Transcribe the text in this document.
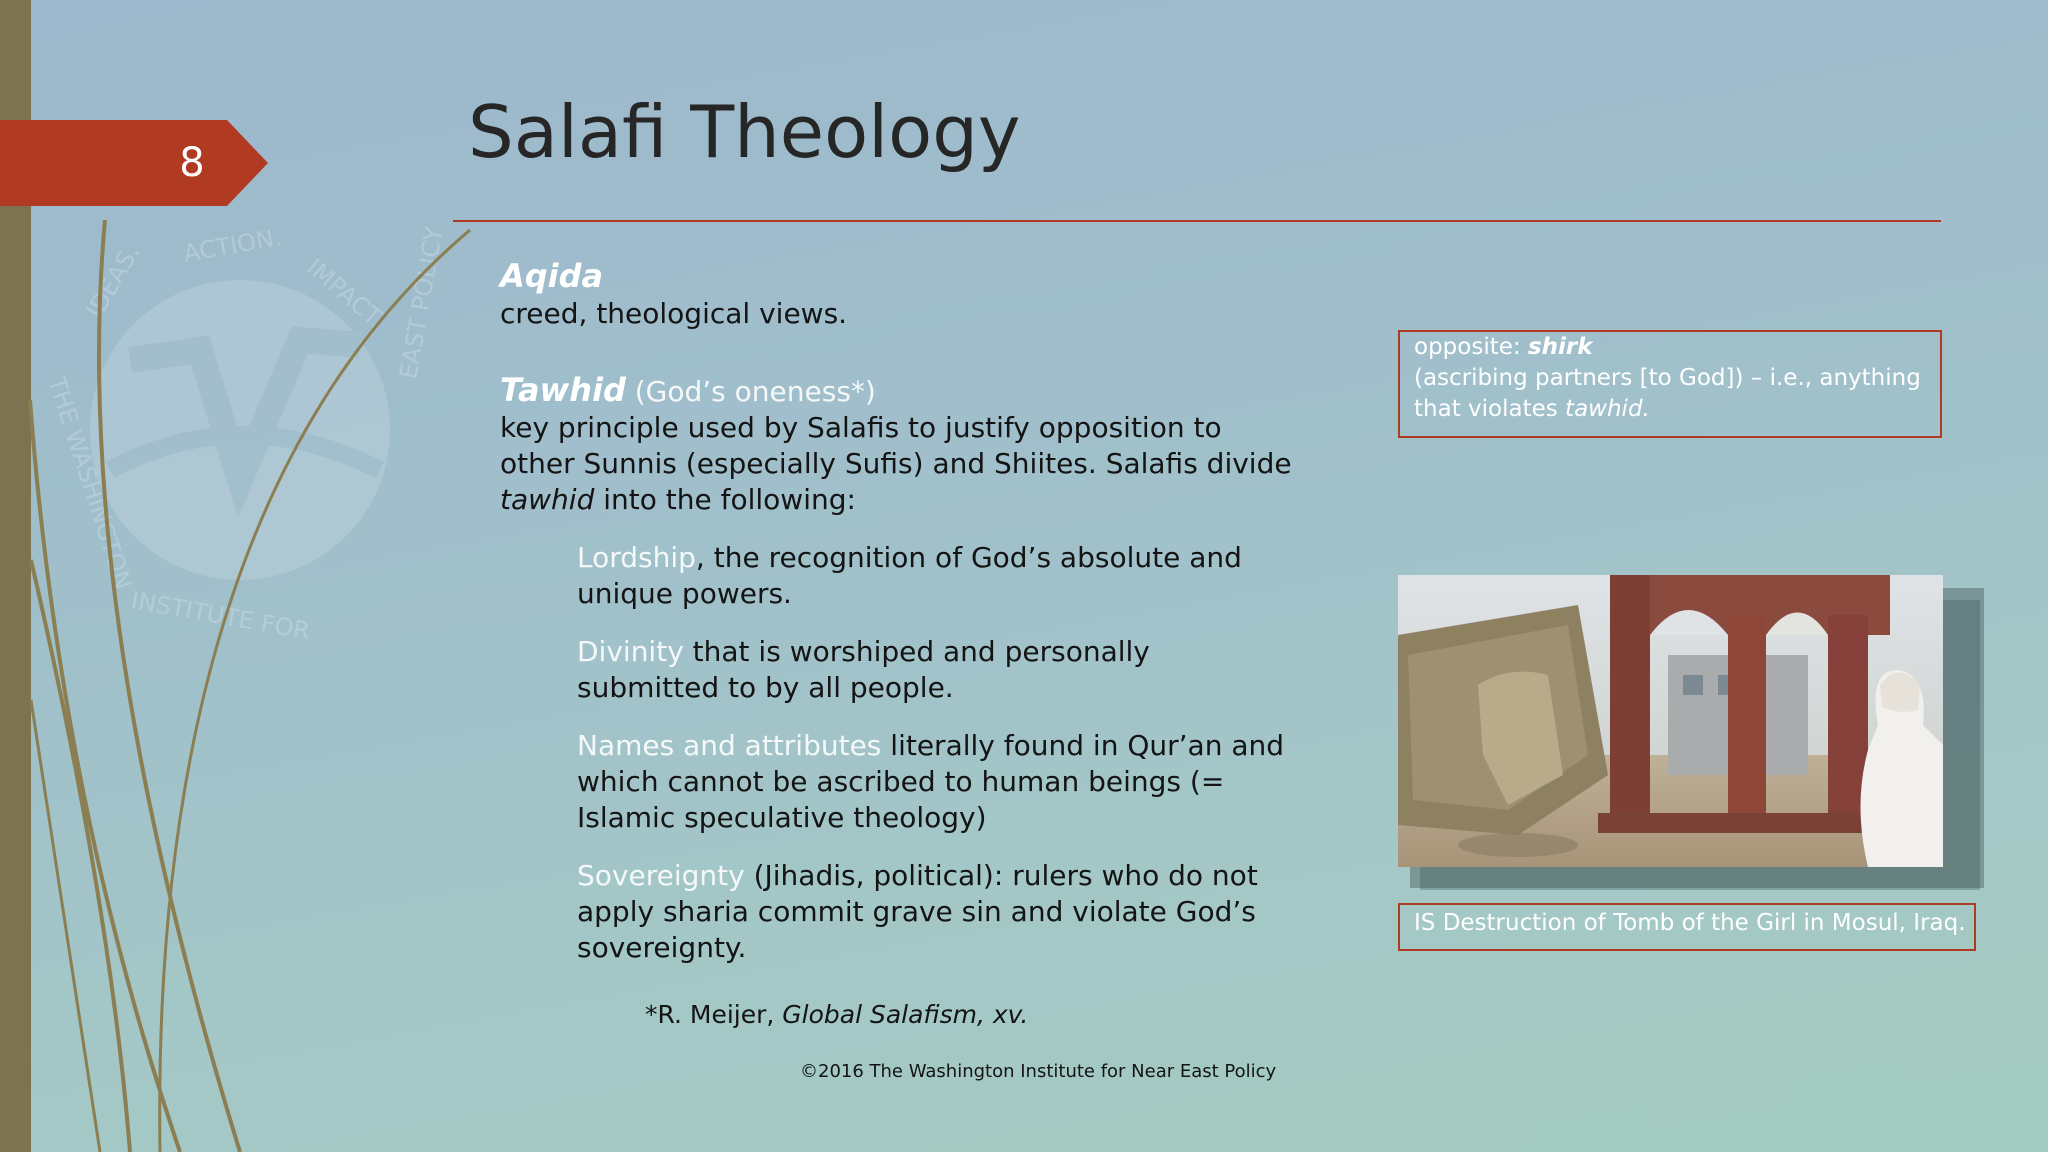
IDEAS. ACTION.
IMPACT.
INSTITUTE FOR
THE WASHINGTON
EAST POLICY
8	Salafi Theology

Aqida
creed, theological views.

Tawhid (God’s oneness*)
key principle used by Salafis to justify opposition to other Sunnis (especially Sufis) and Shiites. Salafis divide tawhid into the following:

Lordship, the recognition of God’s absolute and unique powers.

Divinity that is worshiped and personally submitted to by all people.

Names and attributes literally found in Qur’an and which cannot be ascribed to human beings (= Islamic speculative theology)

Sovereignty (Jihadis, political): rulers who do not apply sharia commit grave sin and violate God’s sovereignty.

*R. Meijer, Global Salafism, xv.
©2016 The Washington Institute for Near East Policy

opposite: shirk

(ascribing partners [to God]) – i.e., anything that violates tawhid.

IS Destruction of Tomb of the Girl in Mosul, Iraq.
